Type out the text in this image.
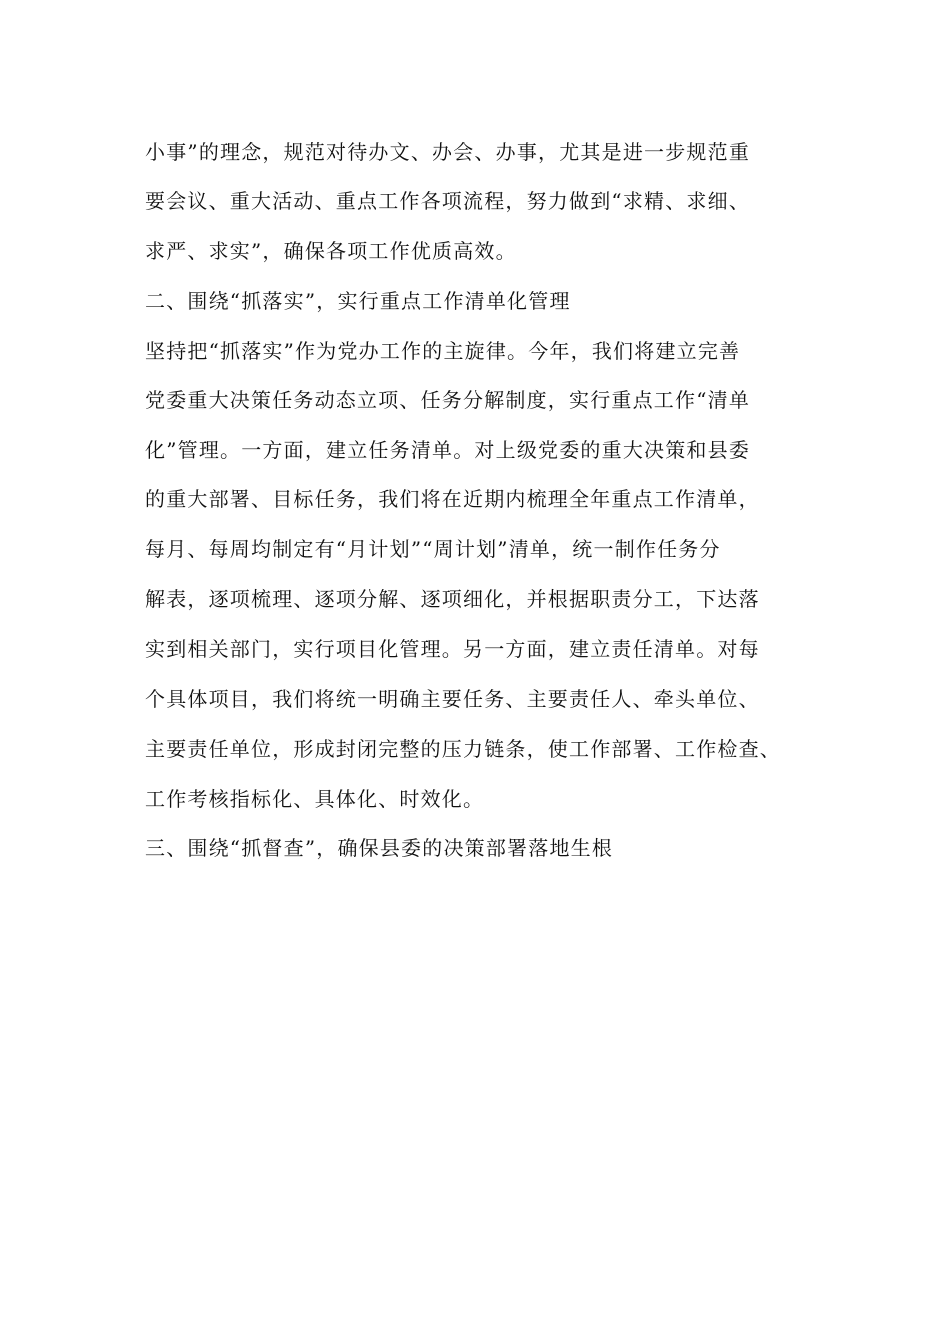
小事”的理念，规范对待办文、办会、办事，尤其是进一步规范重
要会议、重大活动、重点工作各项流程，努力做到“求精、求细、
求严、求实”，确保各项工作优质高效。
二、围绕“抓落实”，实行重点工作清单化管理
坚持把“抓落实”作为党办工作的主旋律。今年，我们将建立完善
党委重大决策任务动态立项、任务分解制度，实行重点工作“清单
化”管理。一方面，建立任务清单。对上级党委的重大决策和县委
的重大部署、目标任务，我们将在近期内梳理全年重点工作清单，
每月、每周均制定有“月计划”“周计划”清单，统一制作任务分
解表，逐项梳理、逐项分解、逐项细化，并根据职责分工，下达落
实到相关部门，实行项目化管理。另一方面，建立责任清单。对每
个具体项目，我们将统一明确主要任务、主要责任人、牵头单位、
主要责任单位，形成封闭完整的压力链条，使工作部署、工作检查、
工作考核指标化、具体化、时效化。
三、围绕“抓督查”，确保县委的决策部署落地生根
